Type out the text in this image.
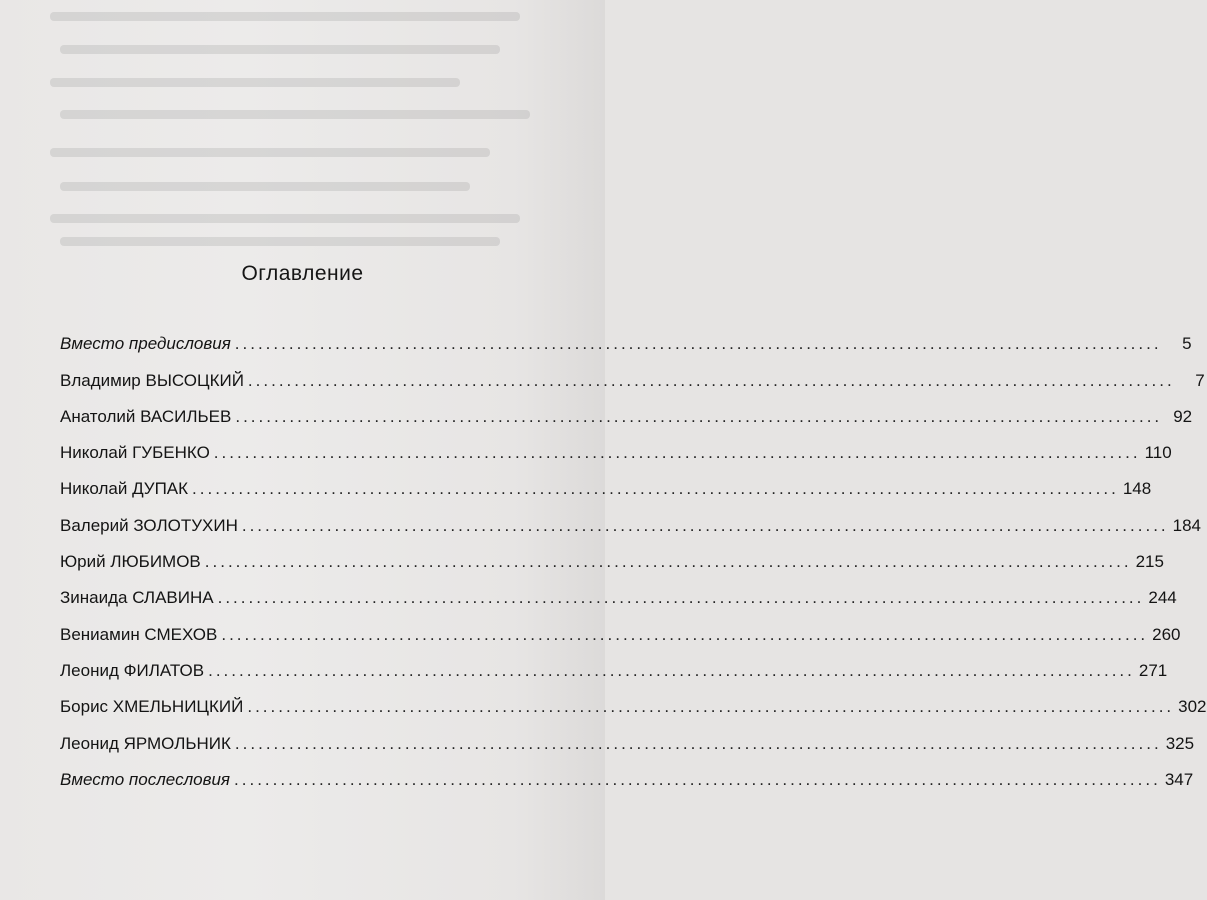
Оглавление
Вместо предисловия ........................................................................................................................	5
Владимир ВЫСОЦКИЙ ........................................................................................................................	7
Анатолий ВАСИЛЬЕВ ........................................................................................................................ 92
Николай ГУБЕНКО ........................................................................................................................ 110
Николай ДУПАК ........................................................................................................................ 148
Валерий ЗОЛОТУХИН ........................................................................................................................ 184
Юрий ЛЮБИМОВ ........................................................................................................................ 215
Зинаида СЛАВИНА ........................................................................................................................ 244
Вениамин СМЕХОВ ........................................................................................................................ 260
Леонид ФИЛАТОВ ........................................................................................................................ 271
Борис ХМЕЛЬНИЦКИЙ ........................................................................................................................ 302
Леонид ЯРМОЛЬНИК ........................................................................................................................ 325
Вместо послесловия ........................................................................................................................ 347
